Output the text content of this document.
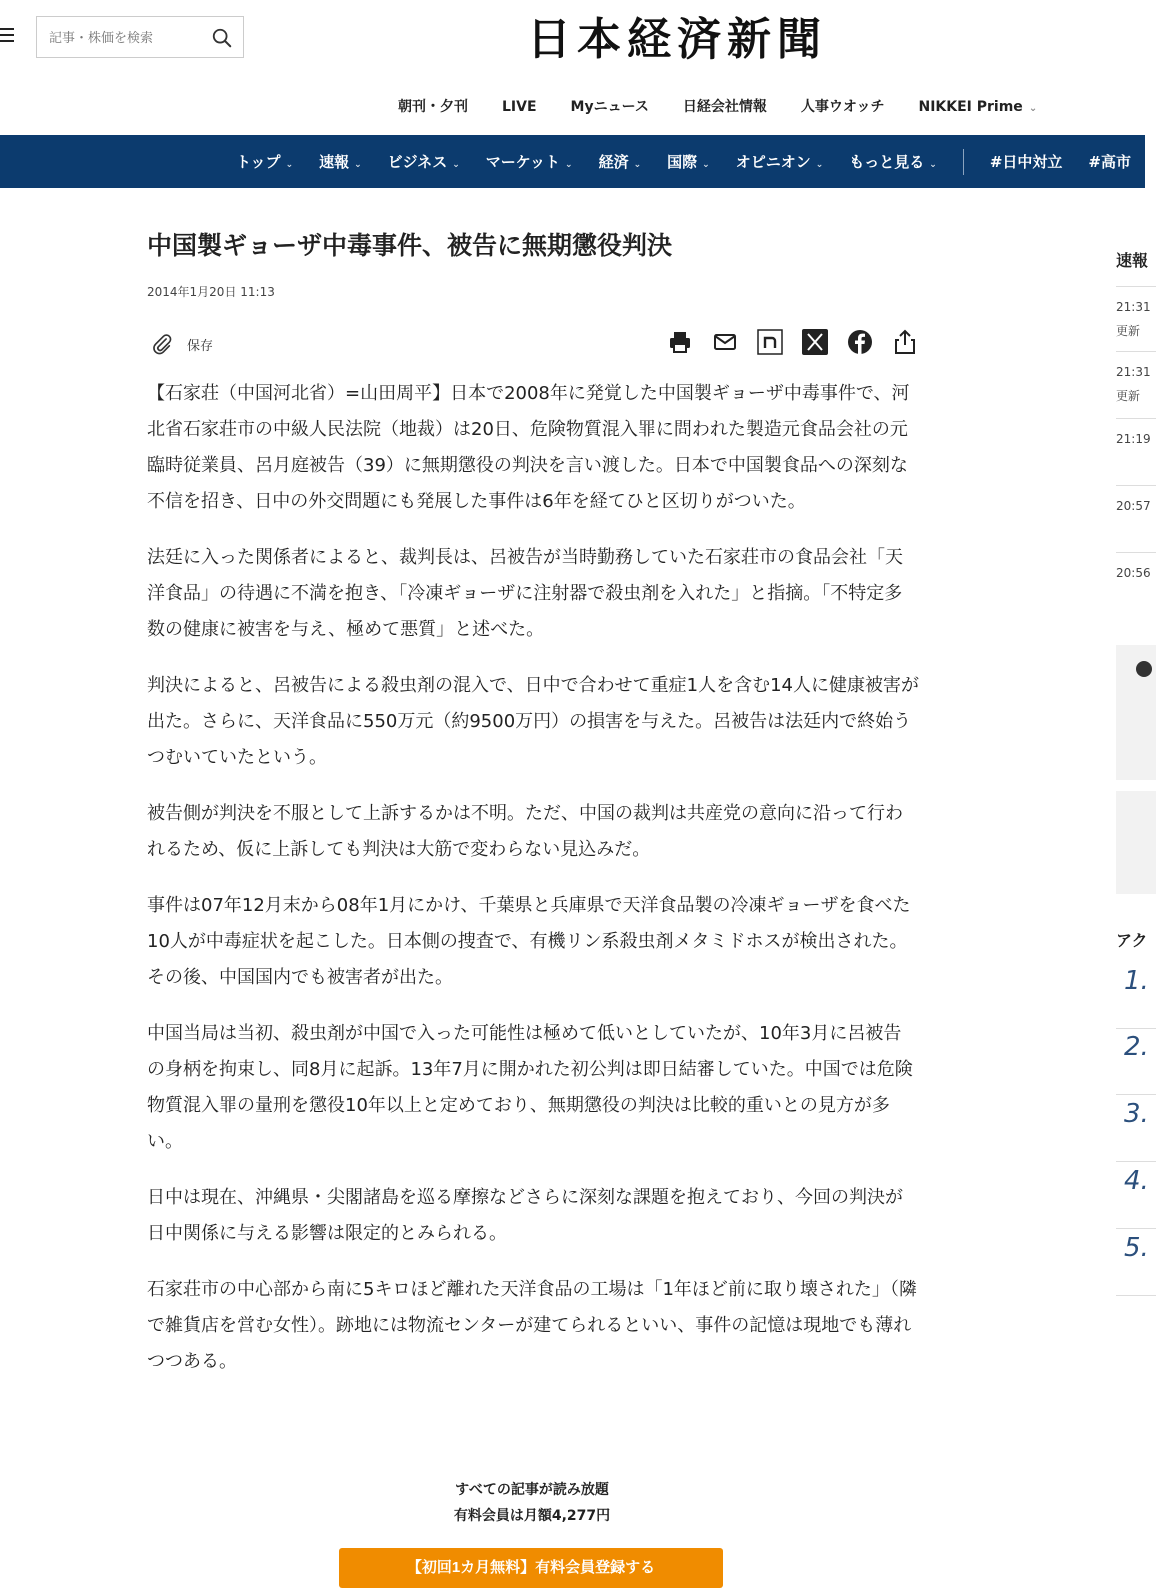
記事・株価を検索
日本経済新聞
朝刊・夕刊 LIVE Myニュース 日経会社情報 人事ウオッチ NIKKEI Prime ⌄
トップ ⌄ 速報 ⌄ ビジネス ⌄ マーケット ⌄ 経済 ⌄ 国際 ⌄ オピニオン ⌄ もっと見る ⌄	#日中対立 #高市
中国製ギョーザ中毒事件、被告に無期懲役判決
2014年1月20日 11:13
保存

【石家荘（中国河北省）=山田周平】日本で2008年に発覚した中国製ギョーザ中毒事件で、河北省石家荘市の中級人民法院（地裁）は20日、危険物質混入罪に問われた製造元食品会社の元臨時従業員、呂月庭被告（39）に無期懲役の判決を言い渡した。日本で中国製食品への深刻な不信を招き、日中の外交問題にも発展した事件は6年を経てひと区切りがついた。

法廷に入った関係者によると、裁判長は、呂被告が当時勤務していた石家荘市の食品会社「天洋食品」の待遇に不満を抱き、「冷凍ギョーザに注射器で殺虫剤を入れた」と指摘。「不特定多数の健康に被害を与え、極めて悪質」と述べた。

判決によると、呂被告による殺虫剤の混入で、日中で合わせて重症1人を含む14人に健康被害が出た。さらに、天洋食品に550万元（約9500万円）の損害を与えた。呂被告は法廷内で終始うつむいていたという。

被告側が判決を不服として上訴するかは不明。ただ、中国の裁判は共産党の意向に沿って行われるため、仮に上訴しても判決は大筋で変わらない見込みだ。

事件は07年12月末から08年1月にかけ、千葉県と兵庫県で天洋食品製の冷凍ギョーザを食べた10人が中毒症状を起こした。日本側の捜査で、有機リン系殺虫剤メタミドホスが検出された。その後、中国国内でも被害者が出た。

中国当局は当初、殺虫剤が中国で入った可能性は極めて低いとしていたが、10年3月に呂被告の身柄を拘束し、同8月に起訴。13年7月に開かれた初公判は即日結審していた。中国では危険物質混入罪の量刑を懲役10年以上と定めており、無期懲役の判決は比較的重いとの見方が多い。

日中は現在、沖縄県・尖閣諸島を巡る摩擦などさらに深刻な課題を抱えており、今回の判決が日中関係に与える影響は限定的とみられる。

石家荘市の中心部から南に5キロほど離れた天洋食品の工場は「1年ほど前に取り壊された」（隣で雑貨店を営む女性）。跡地には物流センターが建てられるといい、事件の記憶は現地でも薄れつつある。

すべての記事が読み放題
有料会員は月額4,277円
【初回1カ月無料】有料会員登録する
速報
21:31
更新
21:31
更新
21:19
20:57
20:56
アク
1.
2.
3.
4.
5.
